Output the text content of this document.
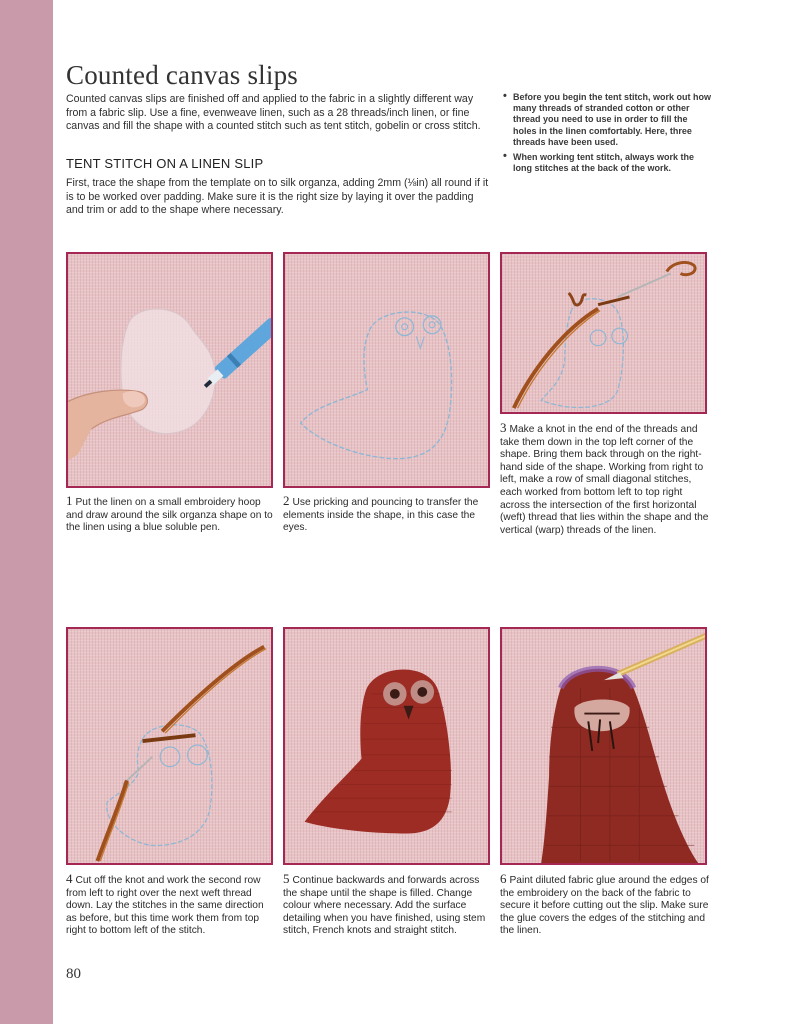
Counted canvas slips

Counted canvas slips are finished off and applied to the fabric in a slightly different way from a fabric slip. Use a fine, evenweave linen, such as a 28 threads/inch linen, or fine canvas and fill the shape with a counted stitch such as tent stitch, gobelin or cross stitch.

TENT STITCH ON A LINEN SLIP

First, trace the shape from the template on to silk organza, adding 2mm (⅛in) all round if it is to be worked over padding. Make sure it is the right size by laying it over the padding and trim or add to the shape where necessary.

• Before you begin the tent stitch, work out how many threads of stranded cotton or other thread you need to use in order to fill the holes in the linen comfortably. Here, three threads have been used.
• When working tent stitch, always work the long stitches at the back of the work.

1 Put the linen on a small embroidery hoop and draw around the silk organza shape on to the linen using a blue soluble pen.

2 Use pricking and pouncing to transfer the elements inside the shape, in this case the eyes.

3 Make a knot in the end of the threads and take them down in the top left corner of the shape. Bring them back through on the right-hand side of the shape. Working from right to left, make a row of small diagonal stitches, each worked from bottom left to top right across the intersection of the first horizontal (weft) thread that lies within the shape and the vertical (warp) threads of the linen.

4 Cut off the knot and work the second row from left to right over the next weft thread down. Lay the stitches in the same direction as before, but this time work them from top right to bottom left of the stitch.

5 Continue backwards and forwards across the shape until the shape is filled. Change colour where necessary. Add the surface detailing when you have finished, using stem stitch, French knots and straight stitch.

6 Paint diluted fabric glue around the edges of the embroidery on the back of the fabric to secure it before cutting out the slip. Make sure the glue covers the edges of the stitching and the linen.

80
